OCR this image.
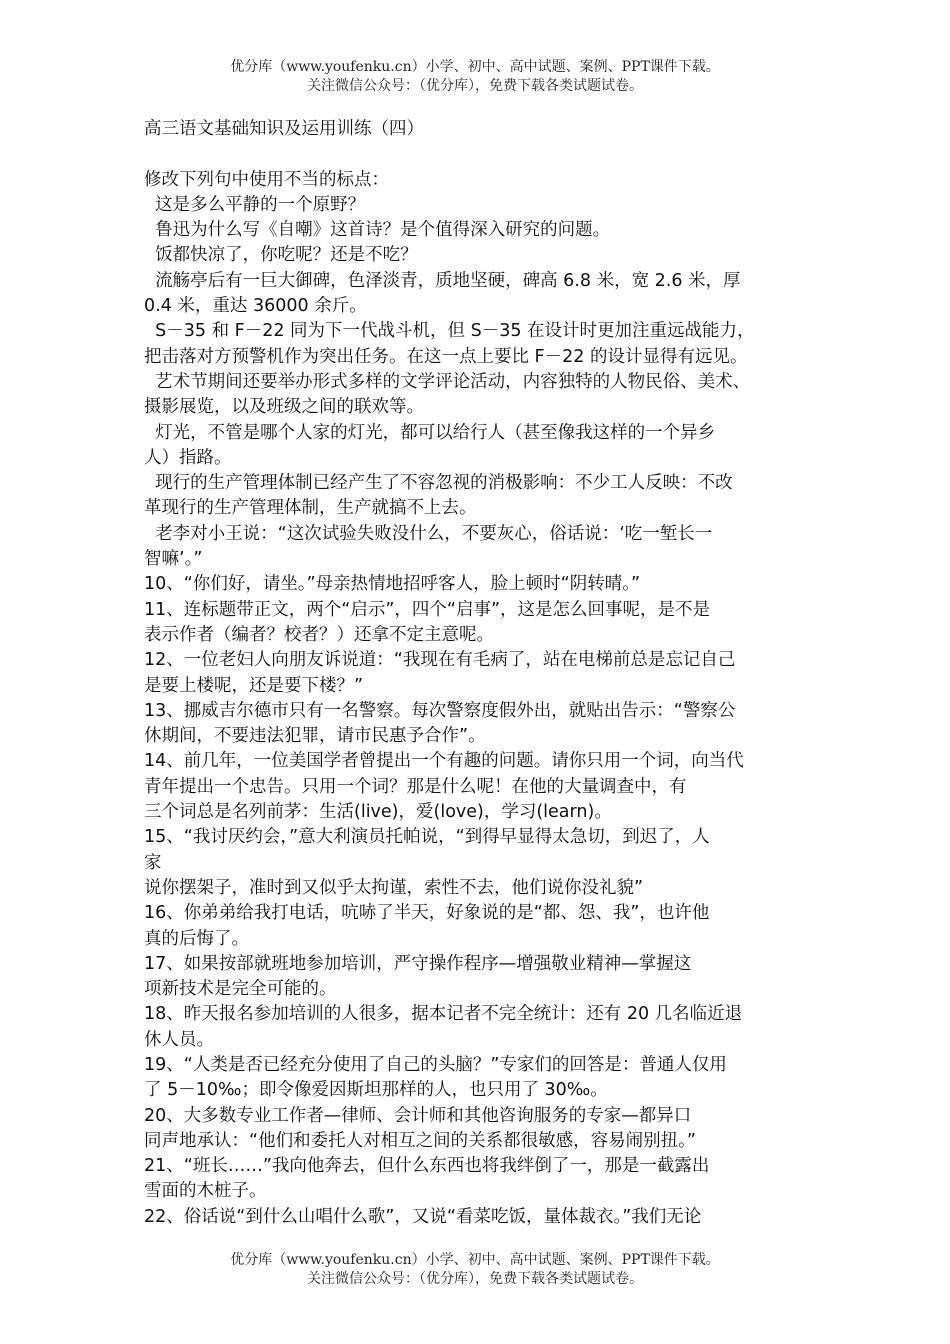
优分库（www.youfenku.cn）小学、初中、高中试题、案例、PPT课件下载。
关注微信公众号：（优分库），免费下载各类试题试卷。
高三语文基础知识及运用训练（四）
修改下列句中使用不当的标点：
这是多么平静的一个原野？
鲁迅为什么写《自嘲》这首诗？是个值得深入研究的问题。
饭都快凉了，你吃呢？还是不吃？
流觞亭后有一巨大御碑，色泽淡青，质地坚硬，碑高 6.8 米，宽 2.6 米，厚
0.4 米，重达 36000 余斤。
S－35 和 F－22 同为下一代战斗机，但 S－35 在设计时更加注重远战能力，
把击落对方预警机作为突出任务。在这一点上要比 F－22 的设计显得有远见。
艺术节期间还要举办形式多样的文学评论活动，内容独特的人物民俗、美术、
摄影展览，以及班级之间的联欢等。
灯光，不管是哪个人家的灯光，都可以给行人（甚至像我这样的一个异乡
人）指路。
现行的生产管理体制已经产生了不容忽视的消极影响：不少工人反映：不改
革现行的生产管理体制，生产就搞不上去。
老李对小王说：“这次试验失败没什么，不要灰心，俗话说：‘吃一堑长一
智嘛’。”
10、“你们好，请坐。”母亲热情地招呼客人，脸上顿时“阴转晴。”
11、连标题带正文，两个“启示”，四个“启事”，这是怎么回事呢，是不是
表示作者（编者？校者？）还拿不定主意呢。
12、一位老妇人向朋友诉说道：“我现在有毛病了，站在电梯前总是忘记自己
是要上楼呢，还是要下楼？”
13、挪威吉尔德市只有一名警察。每次警察度假外出，就贴出告示：“警察公
休期间，不要违法犯罪，请市民惠予合作”。
14、前几年，一位美国学者曾提出一个有趣的问题。请你只用一个词，向当代
青年提出一个忠告。只用一个词？那是什么呢！在他的大量调查中，有
三个词总是名列前茅：生活(live)，爱(love)，学习(learn)。
15、“我讨厌约会，”意大利演员托帕说，“到得早显得太急切，到迟了，人
家
说你摆架子，准时到又似乎太拘谨，索性不去，他们说你没礼貌”
16、你弟弟给我打电话，吭哧了半天，好象说的是“都、怨、我”，也许他
真的后悔了。
17、如果按部就班地参加培训，严守操作程序—增强敬业精神—掌握这
项新技术是完全可能的。
18、昨天报名参加培训的人很多，据本记者不完全统计：还有 20 几名临近退
休人员。
19、“人类是否已经充分使用了自己的头脑？”专家们的回答是：普通人仅用
了 5－10‰；即令像爱因斯坦那样的人，也只用了 30‰。
20、大多数专业工作者—律师、会计师和其他咨询服务的专家—都异口
同声地承认：“他们和委托人对相互之间的关系都很敏感，容易闹别扭。”
21、“班长……”我向他奔去，但什么东西也将我绊倒了一，那是一截露出
雪面的木桩子。
22、俗话说“到什么山唱什么歌”，又说“看菜吃饭，量体裁衣。”我们无论
优分库（www.youfenku.cn）小学、初中、高中试题、案例、PPT课件下载。
关注微信公众号：（优分库），免费下载各类试题试卷。
